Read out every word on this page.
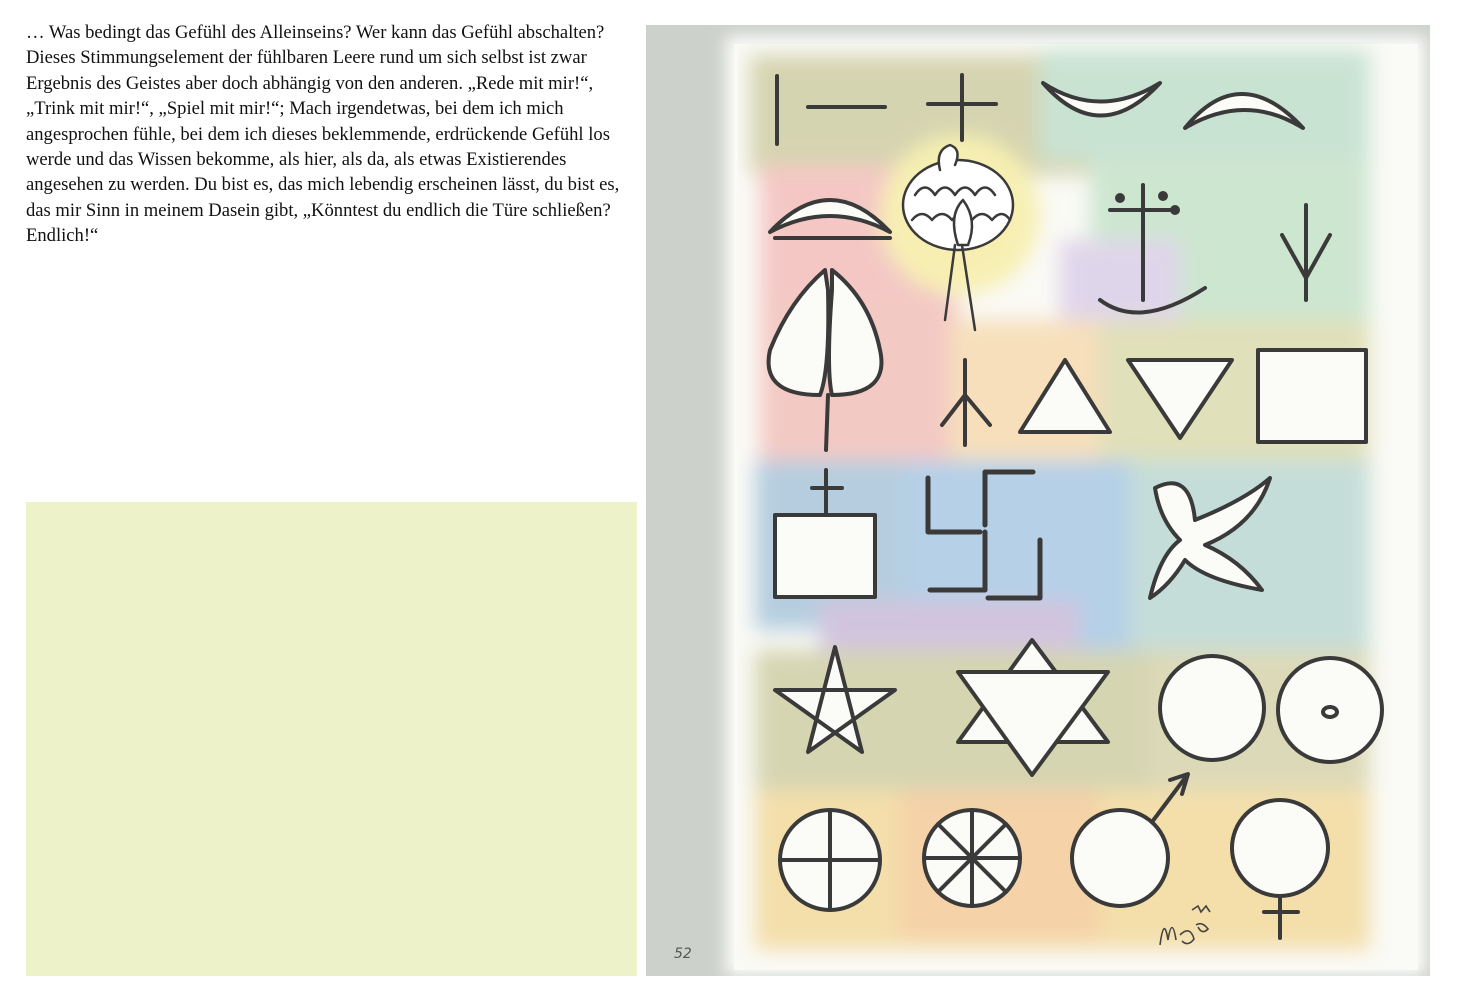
… Was bedingt das Gefühl des Alleinseins? Wer kann das Gefühl abschalten? Dieses Stimmungselement der fühlbaren Leere rund um sich selbst ist zwar Ergebnis des Geistes aber doch abhängig von den anderen. „Rede mit mir!“, „Trink mit mir!“, „Spiel mit mir!“; Mach irgendetwas, bei dem ich mich angesprochen fühle, bei dem ich dieses beklemmende, erdrückende Gefühl los werde und das Wissen bekomme, als hier, als da, als etwas Existierendes angesehen zu werden. Du bist es, das mich lebendig erscheinen lässt, du bist es, das mir Sinn in meinem Dasein gibt, „Könntest du endlich die Türe schließen? Endlich!“
52
